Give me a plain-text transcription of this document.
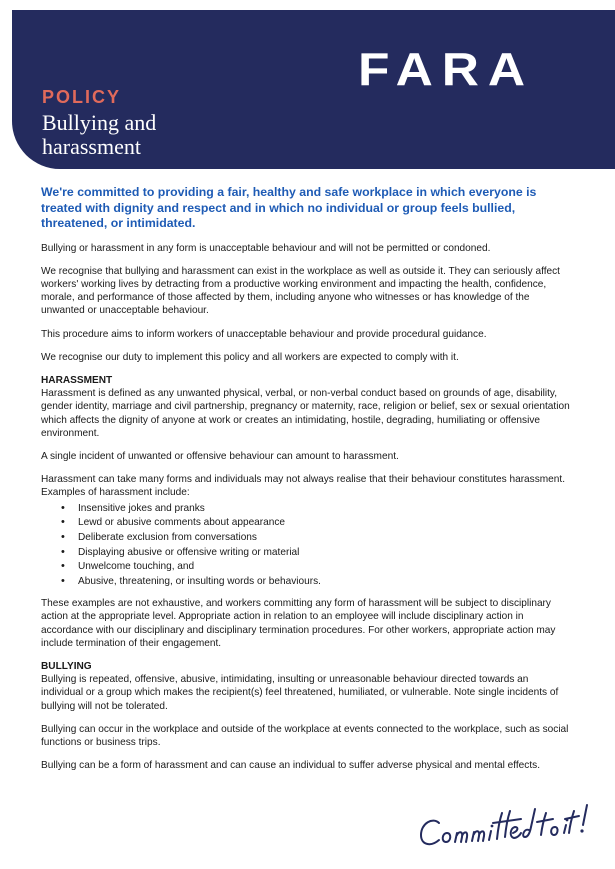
FARA
POLICY
Bullying and
harassment

We're committed to providing a fair, healthy and safe workplace in which everyone is treated with dignity and respect and in which no individual or group feels bullied, threatened, or intimidated.

Bullying or harassment in any form is unacceptable behaviour and will not be permitted or condoned.

We recognise that bullying and harassment can exist in the workplace as well as outside it. They can seriously affect workers' working lives by detracting from a productive working environment and impacting the health, confidence, morale, and performance of those affected by them, including anyone who witnesses or has knowledge of the unwanted or unacceptable behaviour.

This procedure aims to inform workers of unacceptable behaviour and provide procedural guidance.

We recognise our duty to implement this policy and all workers are expected to comply with it.

HARASSMENT

Harassment is defined as any unwanted physical, verbal, or non-verbal conduct based on grounds of age, disability, gender identity, marriage and civil partnership, pregnancy or maternity, race, religion or belief, sex or sexual orientation which affects the dignity of anyone at work or creates an intimidating, hostile, degrading, humiliating or offensive environment.

A single incident of unwanted or offensive behaviour can amount to harassment.

Harassment can take many forms and individuals may not always realise that their behaviour constitutes harassment. Examples of harassment include:

• Insensitive jokes and pranks
• Lewd or abusive comments about appearance
• Deliberate exclusion from conversations
• Displaying abusive or offensive writing or material
• Unwelcome touching, and
• Abusive, threatening, or insulting words or behaviours.

These examples are not exhaustive, and workers committing any form of harassment will be subject to disciplinary action at the appropriate level. Appropriate action in relation to an employee will include disciplinary action in accordance with our disciplinary and disciplinary termination procedures. For other workers, appropriate action may include termination of their engagement.

BULLYING

Bullying is repeated, offensive, abusive, intimidating, insulting or unreasonable behaviour directed towards an individual or a group which makes the recipient(s) feel threatened, humiliated, or vulnerable. Note single incidents of bullying will not be tolerated.

Bullying can occur in the workplace and outside of the workplace at events connected to the workplace, such as social functions or business trips.

Bullying can be a form of harassment and can cause an individual to suffer adverse physical and mental effects.
